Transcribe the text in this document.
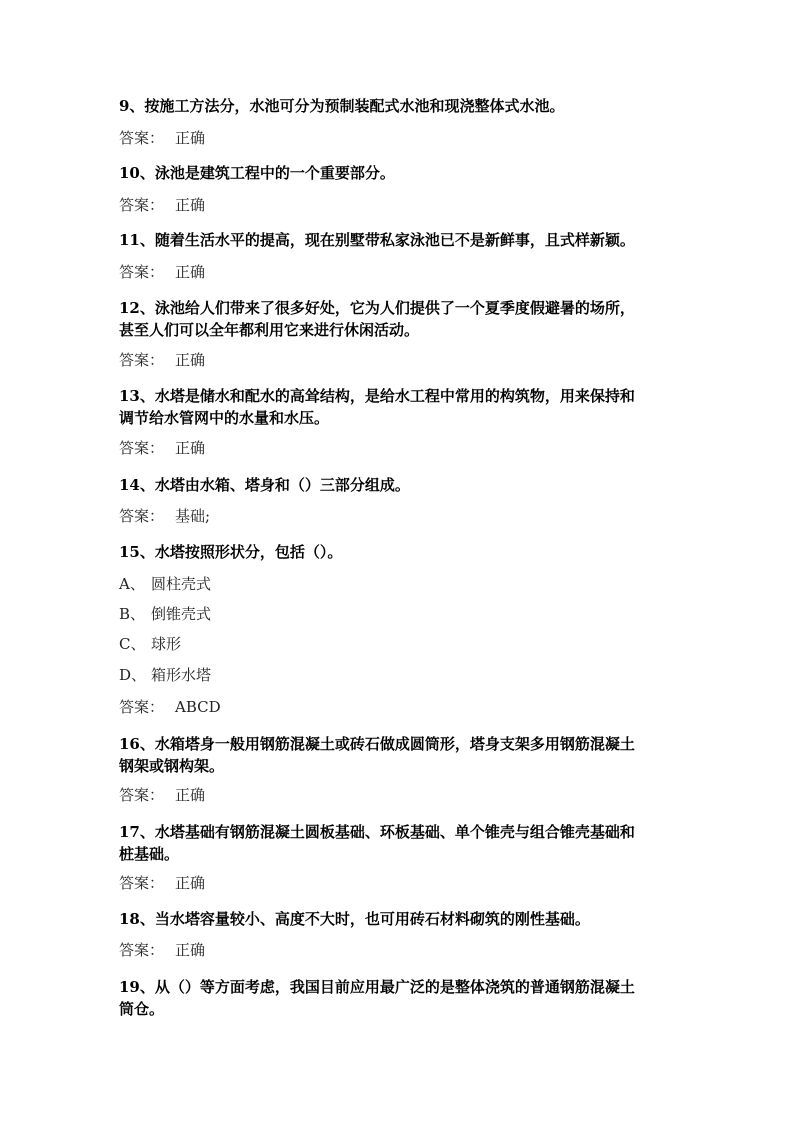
9、按施工方法分，水池可分为预制装配式水池和现浇整体式水池。
答案： 正确
10、泳池是建筑工程中的一个重要部分。
答案： 正确
11、随着生活水平的提高，现在别墅带私家泳池已不是新鲜事，且式样新颖。
答案： 正确
12、泳池给人们带来了很多好处，它为人们提供了一个夏季度假避暑的场所，
甚至人们可以全年都利用它来进行休闲活动。
答案： 正确
13、水塔是储水和配水的高耸结构，是给水工程中常用的构筑物，用来保持和
调节给水管网中的水量和水压。
答案： 正确
14、水塔由水箱、塔身和（）三部分组成。
答案： 基础;
15、水塔按照形状分，包括（）。
A、 圆柱壳式
B、 倒锥壳式
C、 球形
D、 箱形水塔
答案： ABCD
16、水箱塔身一般用钢筋混凝土或砖石做成圆筒形，塔身支架多用钢筋混凝土
钢架或钢构架。
答案： 正确
17、水塔基础有钢筋混凝土圆板基础、环板基础、单个锥壳与组合锥壳基础和
桩基础。
答案： 正确
18、当水塔容量较小、高度不大时，也可用砖石材料砌筑的刚性基础。
答案： 正确
19、从（）等方面考虑，我国目前应用最广泛的是整体浇筑的普通钢筋混凝土
筒仓。
